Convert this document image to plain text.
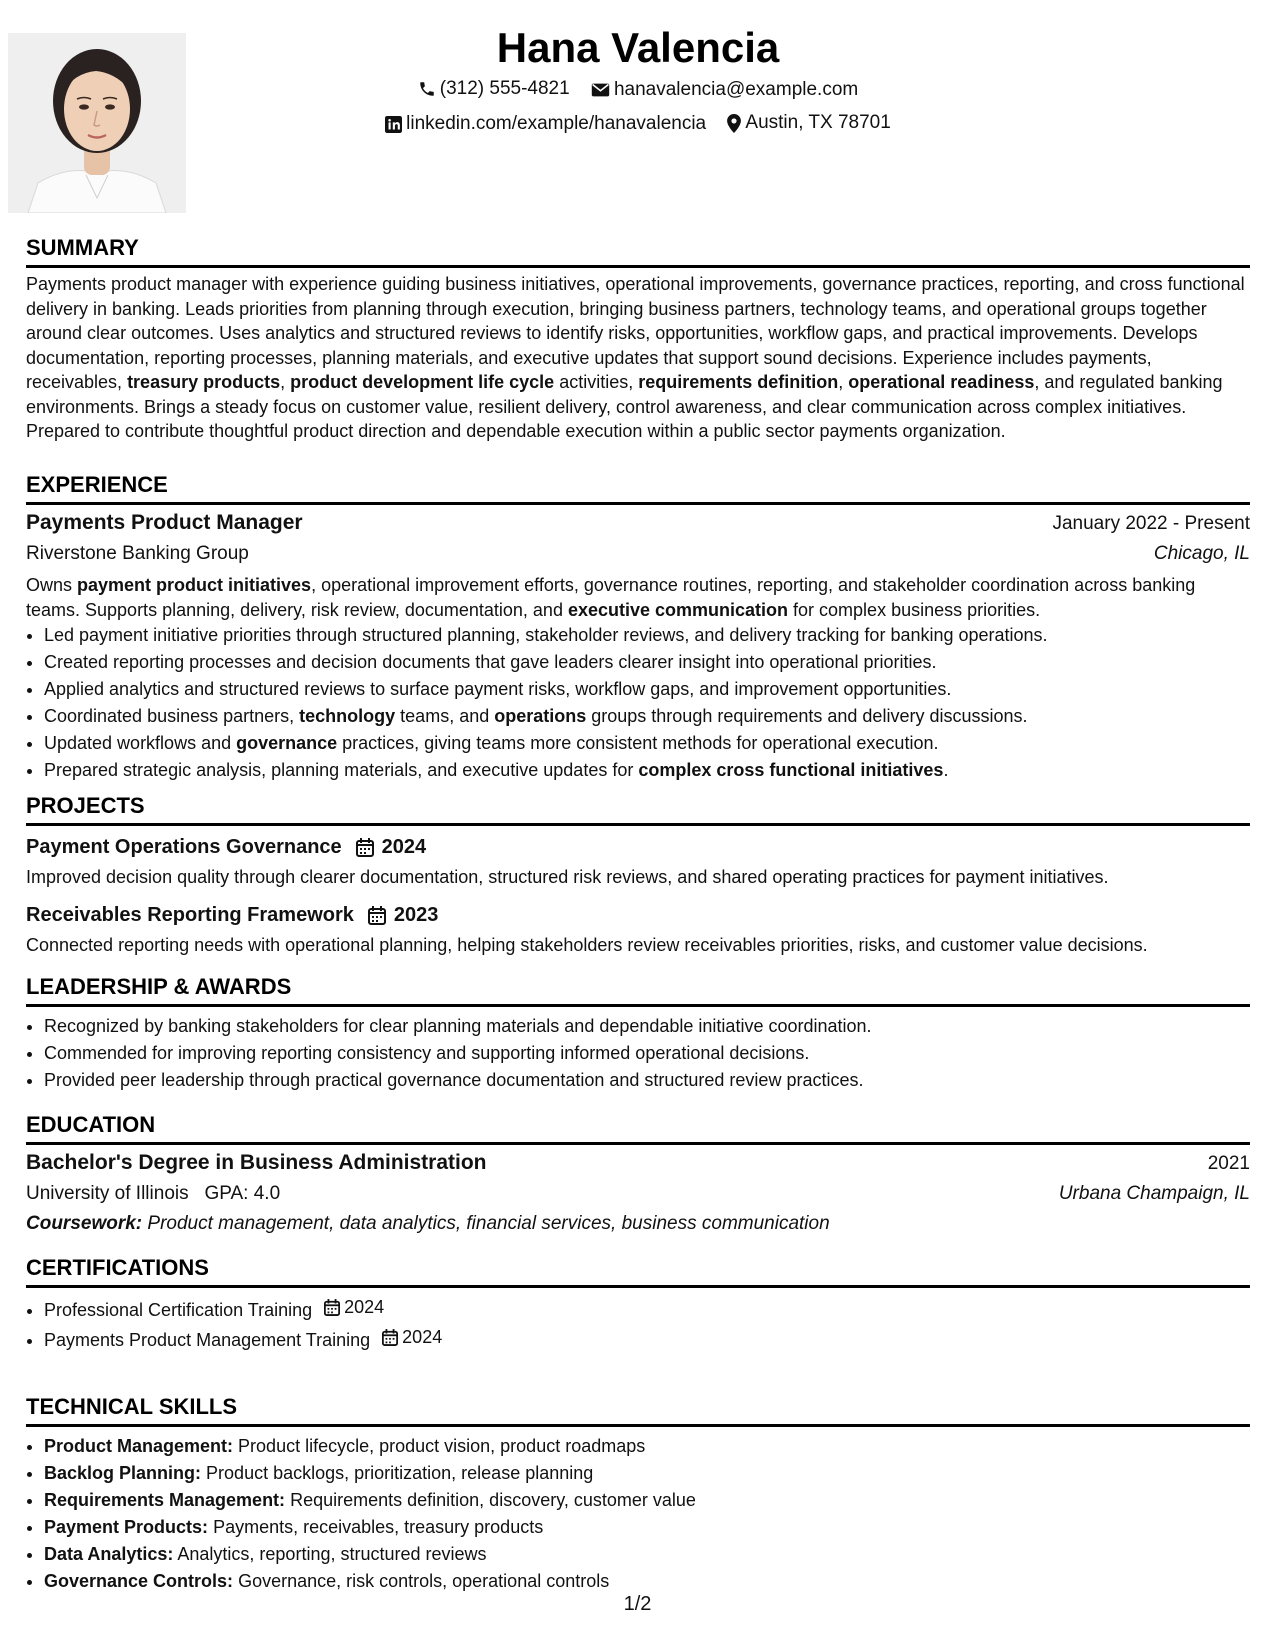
Hana Valencia
(312) 555-4821
hanavalencia@example.com
linkedin.com/example/hanavalencia
Austin, TX 78701
SUMMARY

Payments product manager with experience guiding business initiatives, operational improvements, governance practices, reporting, and cross functional delivery in banking. Leads priorities from planning through execution, bringing business partners, technology teams, and operational groups together around clear outcomes. Uses analytics and structured reviews to identify risks, opportunities, workflow gaps, and practical improvements. Develops documentation, reporting processes, planning materials, and executive updates that support sound decisions. Experience includes payments, receivables, treasury products, product development life cycle activities, requirements definition, operational readiness, and regulated banking environments. Brings a steady focus on customer value, resilient delivery, control awareness, and clear communication across complex initiatives. Prepared to contribute thoughtful product direction and dependable execution within a public sector payments organization.

EXPERIENCE
Payments Product Manager	January 2022 - Present
Riverstone Banking Group	Chicago, IL

Owns payment product initiatives, operational improvement efforts, governance routines, reporting, and stakeholder coordination across banking teams. Supports planning, delivery, risk review, documentation, and executive communication for complex business priorities.

• Led payment initiative priorities through structured planning, stakeholder reviews, and delivery tracking for banking operations.
• Created reporting processes and decision documents that gave leaders clearer insight into operational priorities.
• Applied analytics and structured reviews to surface payment risks, workflow gaps, and improvement opportunities.
• Coordinated business partners, technology teams, and operations groups through requirements and delivery discussions.
• Updated workflows and governance practices, giving teams more consistent methods for operational execution.
• Prepared strategic analysis, planning materials, and executive updates for complex cross functional initiatives.
PROJECTS
Payment Operations Governance 2024

Improved decision quality through clearer documentation, structured risk reviews, and shared operating practices for payment initiatives.

Receivables Reporting Framework 2023

Connected reporting needs with operational planning, helping stakeholders review receivables priorities, risks, and customer value decisions.

LEADERSHIP & AWARDS
• Recognized by banking stakeholders for clear planning materials and dependable initiative coordination.
• Commended for improving reporting consistency and supporting informed operational decisions.
• Provided peer leadership through practical governance documentation and structured review practices.
EDUCATION
Bachelor's Degree in Business Administration	2021
University of Illinois GPA: 4.0	Urbana Champaign, IL
Coursework: Product management, data analytics, financial services, business communication
CERTIFICATIONS
• Professional Certification Training 2024
• Payments Product Management Training 2024
TECHNICAL SKILLS
• Product Management: Product lifecycle, product vision, product roadmaps
• Backlog Planning: Product backlogs, prioritization, release planning
• Requirements Management: Requirements definition, discovery, customer value
• Payment Products: Payments, receivables, treasury products
• Data Analytics: Analytics, reporting, structured reviews
• Governance Controls: Governance, risk controls, operational controls
1/2
